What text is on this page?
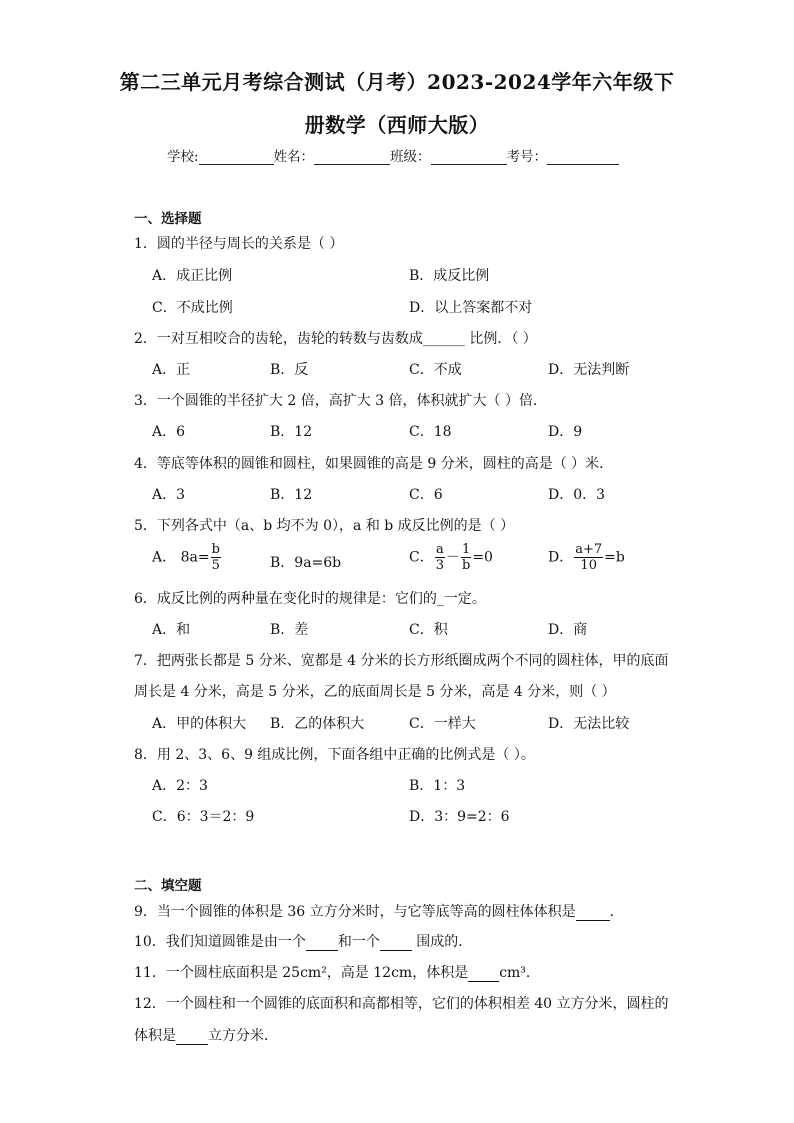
第二三单元月考综合测试（月考）2023-2024学年六年级下
册数学（西师大版）
学校:	姓名：	班级：	考号：
一、选择题
1．圆的半径与周长的关系是（ ）
A．成正比例	B．成反比例
C．不成比例	D．以上答案都不对
2．一对互相咬合的齿轮，齿轮的转数与齿数成______ 比例．（ ）
A．正	B．反	C．不成	D．无法判断
3．一个圆锥的半径扩大 2 倍，高扩大 3 倍，体积就扩大（ ）倍．
A．6	B．12	C．18	D．9
4．等底等体积的圆锥和圆柱，如果圆锥的高是 9 分米，圆柱的高是（ ）米．
A．3	B．12	C．6	D．0．3
5．下列各式中（a、b 均不为 0），a 和 b 成反比例的是（ ）
A． $8a= \frac{b}{5}$	B．9a=6b	C． $\frac{a}{3} - \frac{1}{b} =0$	D． $\frac{a+7}{10} =b$
6．成反比例的两种量在变化时的规律是：它们的_一定。
A．和	B．差	C．积	D．商
7．把两张长都是 5 分米、宽都是 4 分米的长方形纸圈成两个不同的圆柱体，甲的底面
周长是 4 分米，高是 5 分米，乙的底面周长是 5 分米，高是 4 分米，则（ ）
A．甲的体积大 B．乙的体积大	C．一样大	D．无法比较
8．用 2、3、6、9 组成比例，下面各组中正确的比例式是（ ）。
A．2：3	B．1：3
C．6：3＝2：9	D．3：9=2：6
二、填空题
9．当一个圆锥的体积是 36 立方分米时，与它等底等高的圆柱体体积是 ．
10．我们知道圆锥是由一个 和一个 围成的．
11．一个圆柱底面积是 25cm²，高是 12cm，体积是 cm³．
12．一个圆柱和一个圆锥的底面积和高都相等，它们的体积相差 40 立方分米，圆柱的
体积是 立方分米．
